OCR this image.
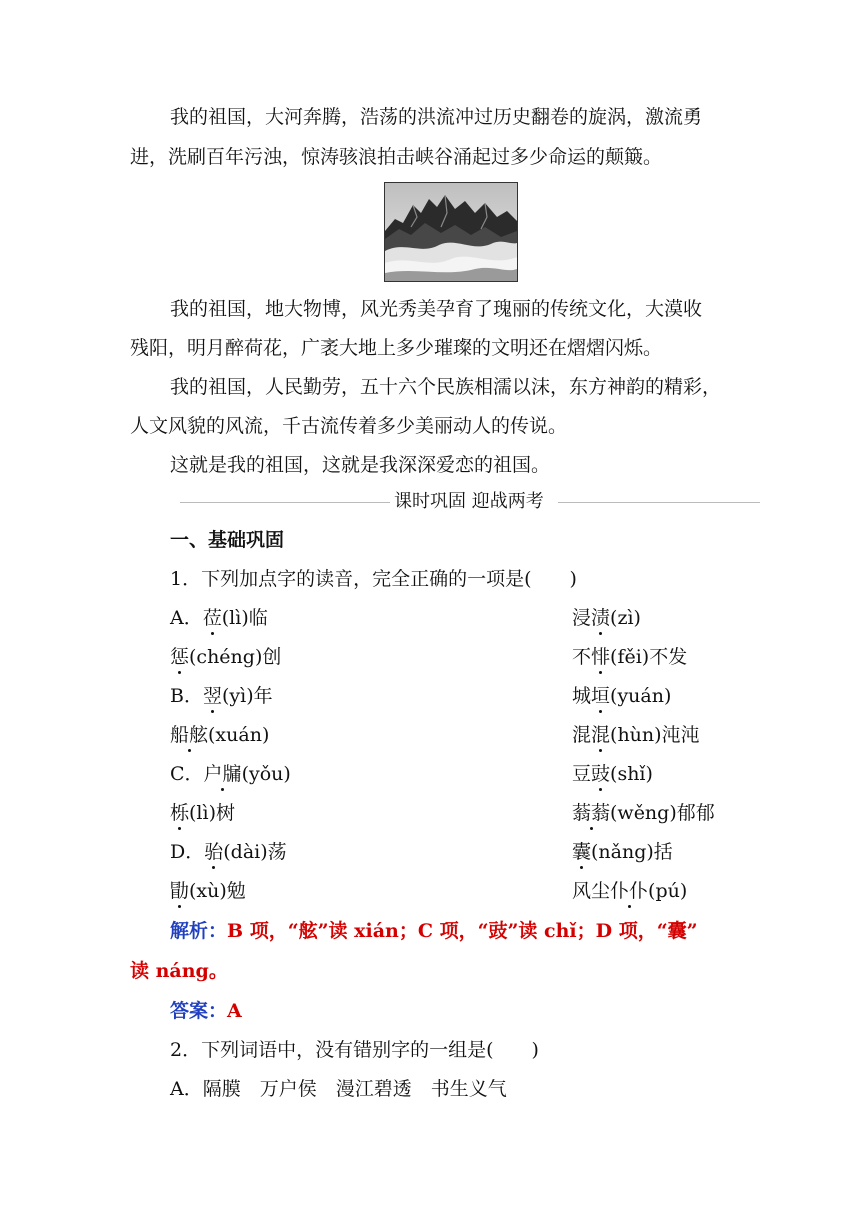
我的祖国，大河奔腾，浩荡的洪流冲过历史翻卷的旋涡，激流勇
进，洗刷百年污浊，惊涛骇浪拍击峡谷涌起过多少命运的颠簸。
我的祖国，地大物博，风光秀美孕育了瑰丽的传统文化，大漠收
残阳，明月醉荷花，广袤大地上多少璀璨的文明还在熠熠闪烁。
我的祖国，人民勤劳，五十六个民族相濡以沫，东方神韵的精彩，
人文风貌的风流，千古流传着多少美丽动人的传说。
这就是我的祖国，这就是我深深爱恋的祖国。
课时巩固 迎战两考
一、基础巩固
1．下列加点字的读音，完全正确的一项是(　　)
A．莅(lì)临	浸渍(zì)
惩(chéng)创	不悱(fěi)不发
B．翌(yì)年	城垣(yuán)
船舷(xuán)	混混(hùn)沌沌
C．户牖(yǒu)	豆豉(shǐ)
栎(lì)树	蓊蓊(wěng)郁郁
D．骀(dài)荡	囊(nǎng)括
勖(xù)勉	风尘仆仆(pú)
解析：B 项，“舷”读 xián；C 项，“豉”读 chǐ；D 项，“囊”
读 náng。
答案：A
2．下列词语中，没有错别字的一组是(　　)
A．隔膜　万户侯　漫江碧透　书生义气
